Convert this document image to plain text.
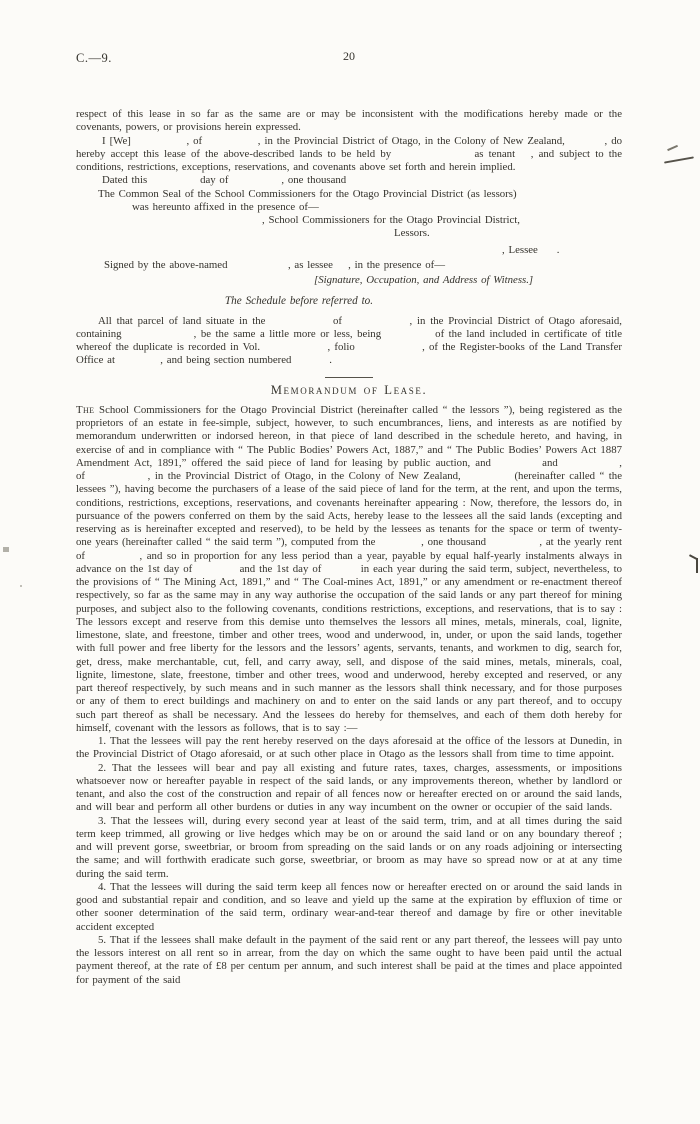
C.—9.	20

respect of this lease in so far as the same are or may be inconsistent with the modifications hereby made or the covenants, powers, or provisions herein expressed.

I [We]              , of              , in the Provincial District of Otago, in the Colony of New Zealand,          , do hereby accept this lease of the above-described lands to be held by                as tenant   , and subject to the conditions, restrictions, exceptions, reservations, and covenants above set forth and herein implied.

Dated this              day of              , one thousand

The Common Seal of the School Commissioners for the Otago Provincial District (as lessors)

was hereunto affixed in the presence of—

, School Commissioners for the Otago Provincial District,

Lessors.

, Lessee     .

Signed by the above-named                , as lessee    , in the presence of—

[Signature, Occupation, and Address of Witness.]

The Schedule before referred to.

All that parcel of land situate in the              of              , in the Provincial District of Otago aforesaid, containing                , be the same a little more or less, being            of the land included in certificate of title whereof the duplicate is recorded in Vol.                , folio                , of the Register-books of the Land Transfer Office at            , and being section numbered          .

Memorandum of Lease.

The School Commissioners for the Otago Provincial District (hereinafter called “ the lessors ”), being registered as the proprietors of an estate in fee-simple, subject, however, to such encumbrances, liens, and interests as are notified by memorandum underwritten or indorsed hereon, in that piece of land described in the schedule hereto, and having, in exercise of and in compliance with “ The Public Bodies’ Powers Act, 1887,” and “ The Public Bodies’ Powers Act 1887 Amendment Act, 1891,” offered the said piece of land for leasing by public auction, and          and            , of              , in the Provincial District of Otago, in the Colony of New Zealand,            (hereinafter called “ the lessees ”), having become the purchasers of a lease of the said piece of land for the term, at the rent, and upon the terms, conditions, restrictions, exceptions, reservations, and covenants hereinafter appearing : Now, therefore, the lessors do, in pursuance of the powers conferred on them by the said Acts, hereby lease to the lessees all the said lands (excepting and reserving as is hereinafter excepted and reserved), to be held by the lessees as tenants for the space or term of twenty-one years (hereinafter called “ the said term ”), computed from the            , one thousand              , at the yearly rent of            , and so in proportion for any less period than a year, payable by equal half-yearly instalments always in advance on the 1st day of            and the 1st day of          in each year during the said term, subject, nevertheless, to the provisions of “ The Mining Act, 1891,” and “ The Coal-mines Act, 1891,” or any amendment or re-enactment thereof respectively, so far as the same may in any way authorise the occupation of the said lands or any part thereof for mining purposes, and subject also to the following covenants, conditions restrictions, exceptions, and reservations, that is to say : The lessors except and reserve from this demise unto themselves the lessors all mines, metals, minerals, coal, lignite, limestone, slate, and freestone, timber and other trees, wood and underwood, in, under, or upon the said lands, together with full power and free liberty for the lessors and the lessors’ agents, servants, tenants, and workmen to dig, search for, get, dress, make merchantable, cut, fell, and carry away, sell, and dispose of the said mines, metals, minerals, coal, lignite, limestone, slate, freestone, timber and other trees, wood and underwood, hereby excepted and reserved, or any part thereof respectively, by such means and in such manner as the lessors shall think necessary, and for those purposes or any of them to erect buildings and machinery on and to enter on the said lands or any part thereof, and to occupy such part thereof as shall be necessary. And the lessees do hereby for themselves, and each of them doth hereby for himself, covenant with the lessors as follows, that is to say :—

1. That the lessees will pay the rent hereby reserved on the days aforesaid at the office of the lessors at Dunedin, in the Provincial District of Otago aforesaid, or at such other place in Otago as the lessors shall from time to time appoint.

2. That the lessees will bear and pay all existing and future rates, taxes, charges, assessments, or impositions whatsoever now or hereafter payable in respect of the said lands, or any improvements thereon, whether by landlord or tenant, and also the cost of the construction and repair of all fences now or hereafter erected on or around the said lands, and will bear and perform all other burdens or duties in any way incumbent on the owner or occupier of the said lands.

3. That the lessees will, during every second year at least of the said term, trim, and at all times during the said term keep trimmed, all growing or live hedges which may be on or around the said land or on any boundary thereof ; and will prevent gorse, sweetbriar, or broom from spreading on the said lands or on any roads adjoining or intersecting the same; and will forthwith eradicate such gorse, sweetbriar, or broom as may have so spread now or at at any time during the said term.

4. That the lessees will during the said term keep all fences now or hereafter erected on or around the said lands in good and substantial repair and condition, and so leave and yield up the same at the expiration by effluxion of time or other sooner determination of the said term, ordinary wear-and-tear thereof and damage by fire or other inevitable accident excepted

5. That if the lessees shall make default in the payment of the said rent or any part thereof, the lessees will pay unto the lessors interest on all rent so in arrear, from the day on which the same ought to have been paid until the actual payment thereof, at the rate of £8 per centum per annum, and such interest shall be paid at the times and place appointed for payment of the said
